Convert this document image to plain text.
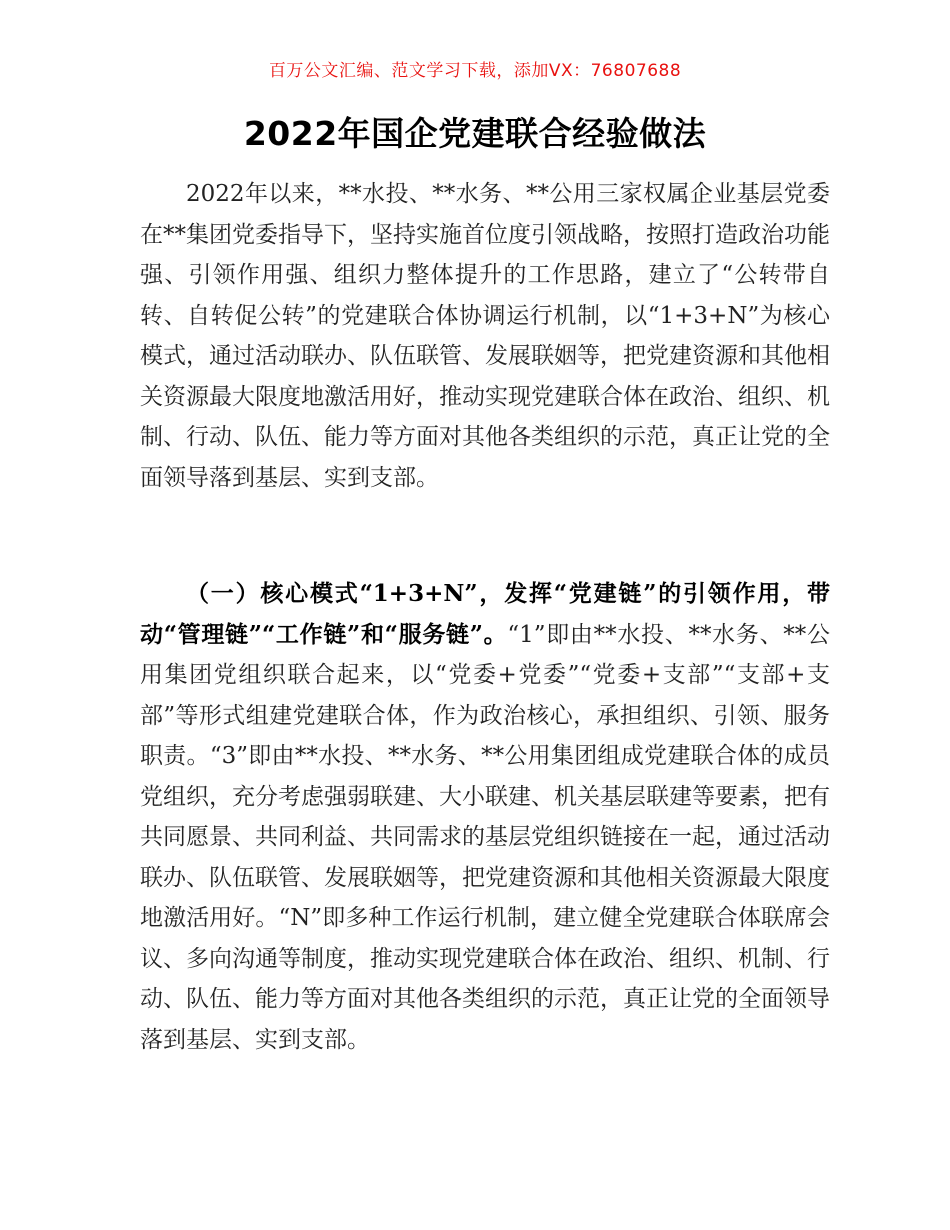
百万公文汇编、范文学习下载，添加VX：76807688
2022年国企党建联合经验做法

2022年以来，**水投、**水务、**公用三家权属企业基层党委在**集团党委指导下，坚持实施首位度引领战略，按照打造政治功能强、引领作用强、组织力整体提升的工作思路，建立了“公转带自转、自转促公转”的党建联合体协调运行机制，以“1+3+N”为核心模式，通过活动联办、队伍联管、发展联姻等，把党建资源和其他相关资源最大限度地激活用好，推动实现党建联合体在政治、组织、机制、行动、队伍、能力等方面对其他各类组织的示范，真正让党的全面领导落到基层、实到支部。

（一）核心模式“1+3+N”，发挥“党建链”的引领作用，带动“管理链”“工作链”和“服务链”。“1”即由**水投、**水务、**公用集团党组织联合起来，以“党委+党委”“党委+支部”“支部+支部”等形式组建党建联合体，作为政治核心，承担组织、引领、服务职责。“3”即由**水投、**水务、**公用集团组成党建联合体的成员党组织，充分考虑强弱联建、大小联建、机关基层联建等要素，把有共同愿景、共同利益、共同需求的基层党组织链接在一起，通过活动联办、队伍联管、发展联姻等，把党建资源和其他相关资源最大限度地激活用好。“N”即多种工作运行机制，建立健全党建联合体联席会议、多向沟通等制度，推动实现党建联合体在政治、组织、机制、行动、队伍、能力等方面对其他各类组织的示范，真正让党的全面领导落到基层、实到支部。
